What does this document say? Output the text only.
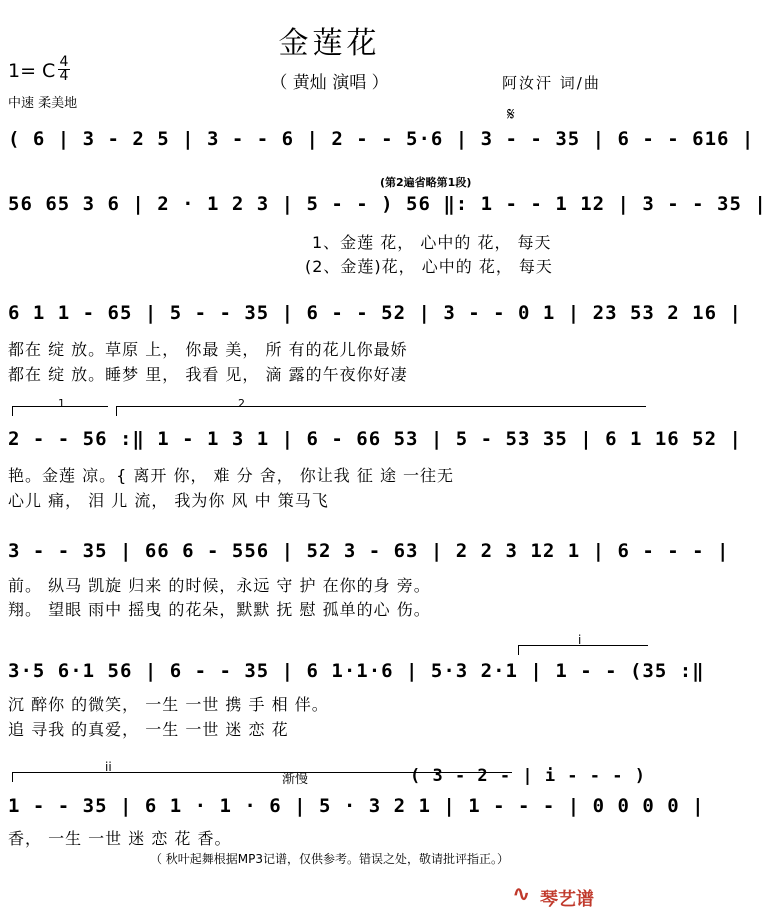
金莲花
（ 黄灿 演唱 ）
1= C 4
4
中速 柔美地
阿汝汗 词/曲
𝄋
(第2遍省略第1段)
( 6 | 3 - 2 5 | 3 - - 6 | 2 - - 5·6 | 3 - - 35 | 6 - - 616 |
56 65 3 6 | 2 · 1 2 3 | 5 - - ) 56 ‖: 1 - - 1 12 | 3 - - 35 |
1、金莲 花， 心中的 花， 每天
(2、金莲)花， 心中的 花， 每天
6 1 1 - 65 | 5 - - 35 | 6 - - 52 | 3 - - 0 1 | 23 53 2 16 |
都在 绽 放。草原 上， 你最 美， 所 有的花儿你最娇
都在 绽 放。睡梦 里， 我看 见， 滴 露的午夜你好凄
1	2
2 - - 56 :‖ 1 - 1 3 1 | 6 - 66 53 | 5 - 53 35 | 6 1 16 52 |
艳。金莲 凉。{ 离开 你， 难 分 舍， 你让我 征 途 一往无
心儿 痛， 泪 儿 流， 我为你 风 中 策马飞
3 - - 35 | 66 6 - 556 | 52 3 - 63 | 2 2 3 12 1 | 6 - - - |
前。 纵马 凯旋 归来 的时候，永远 守 护 在你的身 旁。
翔。 望眼 雨中 摇曳 的花朵，默默 抚 慰 孤单的心 伤。
i
3·5 6·1 56 | 6 - - 35 | 6 1·1·6 | 5·3 2·1 | 1 - - (35 :‖
沉 醉你 的微笑， 一生 一世 携 手 相 伴。
追 寻我 的真爱， 一生 一世 迷 恋 花
ii
渐慢	( 3 - 2 - | i - - - )
1 - - 35 | 6 1 · 1 · 6 | 5 · 3 2 1 | 1 - - - | 0 0 0 0 |
香， 一生 一世 迷 恋 花 香。
（ 秋叶起舞根据MP3记谱，仅供参考。错误之处，敬请批评指正。）
∿ 琴艺谱
